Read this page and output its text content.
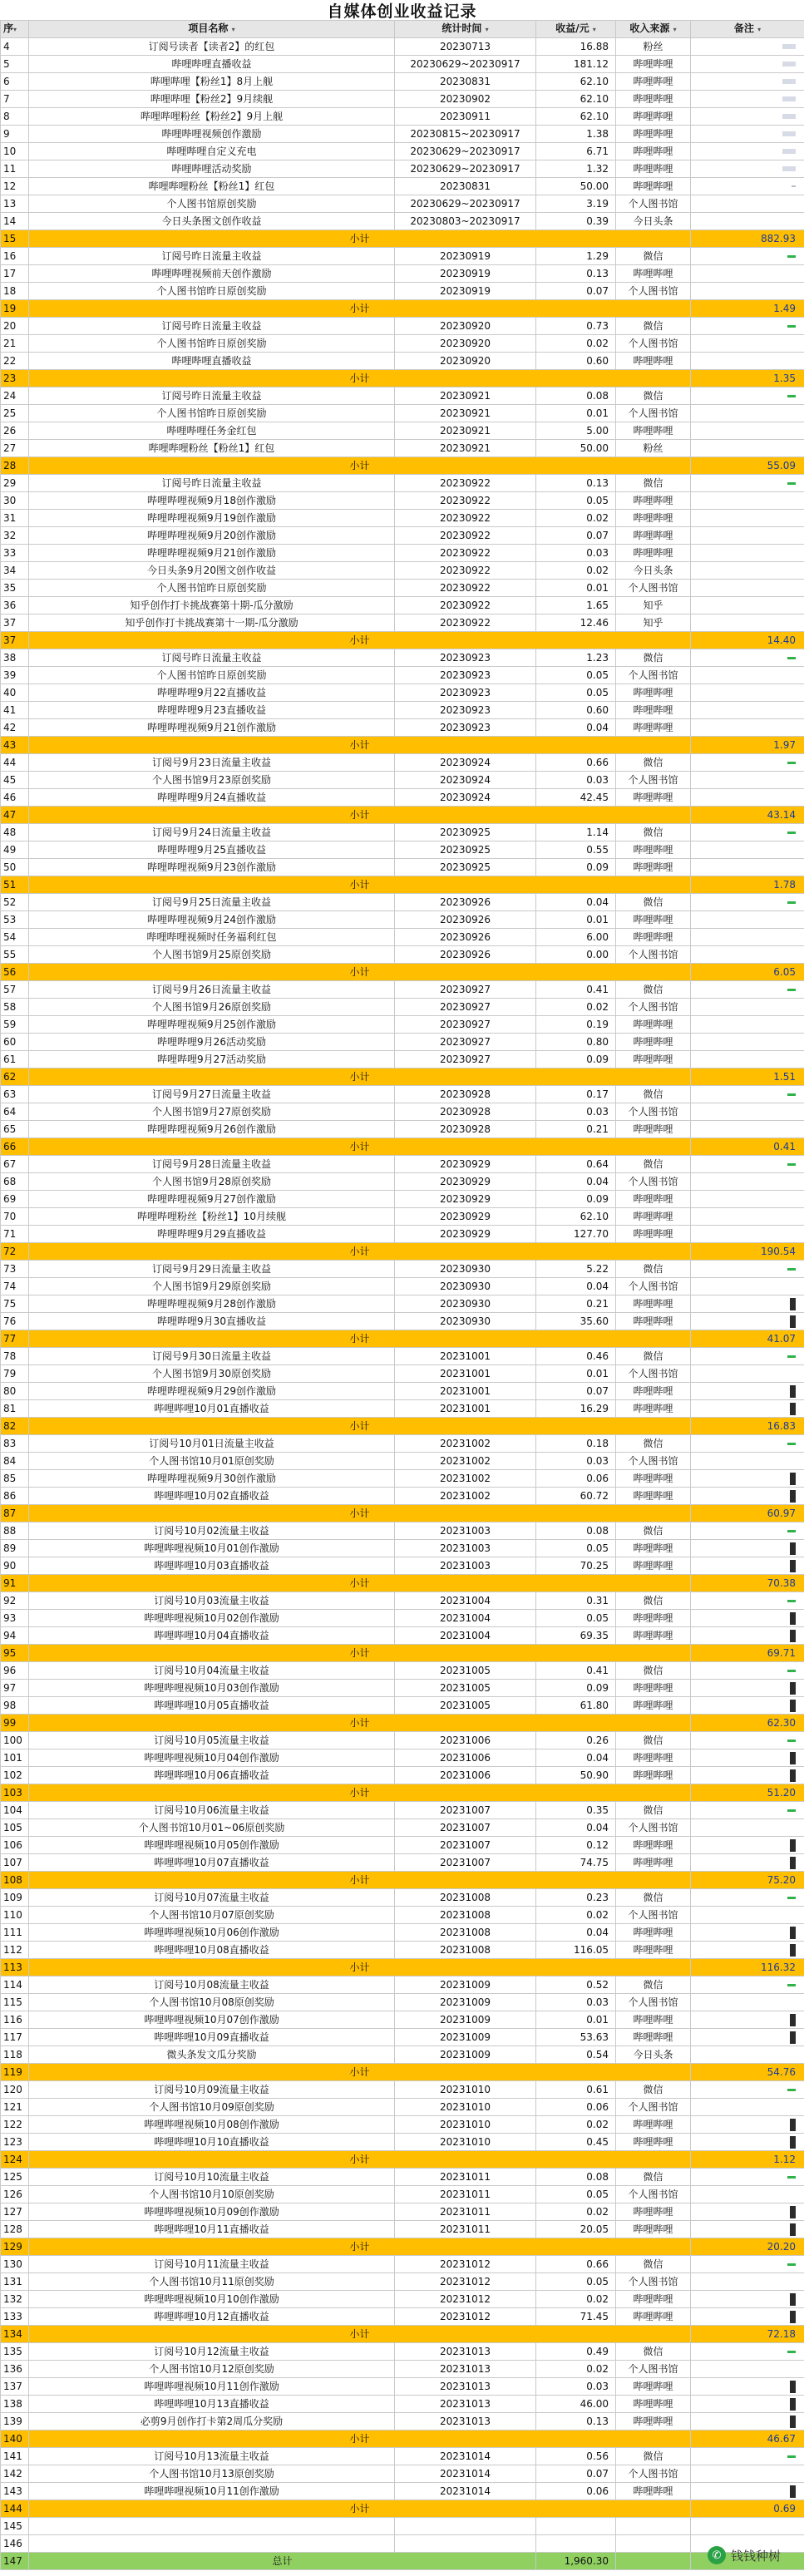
自媒体创业收益记录
序▾	项目名称 ▾	统计时间 ▾	收益/元 ▾	收入来源 ▾	备注 ▾
4	订阅号读者【读者2】的红包	20230713	16.88	粉丝	
5	哔哩哔哩直播收益	20230629~20230917	181.12	哔哩哔哩	
6	哔哩哔哩【粉丝1】8月上舰	20230831	62.10	哔哩哔哩	
7	哔哩哔哩【粉丝2】9月续舰	20230902	62.10	哔哩哔哩	
8	哔哩哔哩粉丝【粉丝2】9月上舰	20230911	62.10	哔哩哔哩	
9	哔哩哔哩视频创作激励	20230815~20230917	1.38	哔哩哔哩	
10	哔哩哔哩自定义充电	20230629~20230917	6.71	哔哩哔哩	
11	哔哩哔哩活动奖励	20230629~20230917	1.32	哔哩哔哩	
12	哔哩哔哩粉丝【粉丝1】红包	20230831	50.00	哔哩哔哩	
13	个人图书馆原创奖励	20230629~20230917	3.19	个人图书馆	
14	今日头条图文创作收益	20230803~20230917	0.39	今日头条	
15	小计				882.93
16	订阅号昨日流量主收益	20230919	1.29	微信	
17	哔哩哔哩视频前天创作激励	20230919	0.13	哔哩哔哩	
18	个人图书馆昨日原创奖励	20230919	0.07	个人图书馆	
19	小计				1.49
20	订阅号昨日流量主收益	20230920	0.73	微信	
21	个人图书馆昨日原创奖励	20230920	0.02	个人图书馆	
22	哔哩哔哩直播收益	20230920	0.60	哔哩哔哩	
23	小计				1.35
24	订阅号昨日流量主收益	20230921	0.08	微信	
25	个人图书馆昨日原创奖励	20230921	0.01	个人图书馆	
26	哔哩哔哩任务金红包	20230921	5.00	哔哩哔哩	
27	哔哩哔哩粉丝【粉丝1】红包	20230921	50.00	粉丝	
28	小计				55.09
29	订阅号昨日流量主收益	20230922	0.13	微信	
30	哔哩哔哩视频9月18创作激励	20230922	0.05	哔哩哔哩	
31	哔哩哔哩视频9月19创作激励	20230922	0.02	哔哩哔哩	
32	哔哩哔哩视频9月20创作激励	20230922	0.07	哔哩哔哩	
33	哔哩哔哩视频9月21创作激励	20230922	0.03	哔哩哔哩	
34	今日头条9月20图文创作收益	20230922	0.02	今日头条	
35	个人图书馆昨日原创奖励	20230922	0.01	个人图书馆	
36	知乎创作打卡挑战赛第十期-瓜分激励	20230922	1.65	知乎	
37	知乎创作打卡挑战赛第十一期-瓜分激励	20230922	12.46	知乎	
37	小计				14.40
38	订阅号昨日流量主收益	20230923	1.23	微信	
39	个人图书馆昨日原创奖励	20230923	0.05	个人图书馆	
40	哔哩哔哩9月22直播收益	20230923	0.05	哔哩哔哩	
41	哔哩哔哩9月23直播收益	20230923	0.60	哔哩哔哩	
42	哔哩哔哩视频9月21创作激励	20230923	0.04	哔哩哔哩	
43	小计				1.97
44	订阅号9月23日流量主收益	20230924	0.66	微信	
45	个人图书馆9月23原创奖励	20230924	0.03	个人图书馆	
46	哔哩哔哩9月24直播收益	20230924	42.45	哔哩哔哩	
47	小计				43.14
48	订阅号9月24日流量主收益	20230925	1.14	微信	
49	哔哩哔哩9月25直播收益	20230925	0.55	哔哩哔哩	
50	哔哩哔哩视频9月23创作激励	20230925	0.09	哔哩哔哩	
51	小计				1.78
52	订阅号9月25日流量主收益	20230926	0.04	微信	
53	哔哩哔哩视频9月24创作激励	20230926	0.01	哔哩哔哩	
54	哔哩哔哩视频时任务福利红包	20230926	6.00	哔哩哔哩	
55	个人图书馆9月25原创奖励	20230926	0.00	个人图书馆	
56	小计				6.05
57	订阅号9月26日流量主收益	20230927	0.41	微信	
58	个人图书馆9月26原创奖励	20230927	0.02	个人图书馆	
59	哔哩哔哩视频9月25创作激励	20230927	0.19	哔哩哔哩	
60	哔哩哔哩9月26活动奖励	20230927	0.80	哔哩哔哩	
61	哔哩哔哩9月27活动奖励	20230927	0.09	哔哩哔哩	
62	小计				1.51
63	订阅号9月27日流量主收益	20230928	0.17	微信	
64	个人图书馆9月27原创奖励	20230928	0.03	个人图书馆	
65	哔哩哔哩视频9月26创作激励	20230928	0.21	哔哩哔哩	
66	小计				0.41
67	订阅号9月28日流量主收益	20230929	0.64	微信	
68	个人图书馆9月28原创奖励	20230929	0.04	个人图书馆	
69	哔哩哔哩视频9月27创作激励	20230929	0.09	哔哩哔哩	
70	哔哩哔哩粉丝【粉丝1】10月续舰	20230929	62.10	哔哩哔哩	
71	哔哩哔哩9月29直播收益	20230929	127.70	哔哩哔哩	
72	小计				190.54
73	订阅号9月29日流量主收益	20230930	5.22	微信	
74	个人图书馆9月29原创奖励	20230930	0.04	个人图书馆	
75	哔哩哔哩视频9月28创作激励	20230930	0.21	哔哩哔哩	
76	哔哩哔哩9月30直播收益	20230930	35.60	哔哩哔哩	
77	小计				41.07
78	订阅号9月30日流量主收益	20231001	0.46	微信	
79	个人图书馆9月30原创奖励	20231001	0.01	个人图书馆	
80	哔哩哔哩视频9月29创作激励	20231001	0.07	哔哩哔哩	
81	哔哩哔哩10月01直播收益	20231001	16.29	哔哩哔哩	
82	小计				16.83
83	订阅号10月01日流量主收益	20231002	0.18	微信	
84	个人图书馆10月01原创奖励	20231002	0.03	个人图书馆	
85	哔哩哔哩视频9月30创作激励	20231002	0.06	哔哩哔哩	
86	哔哩哔哩10月02直播收益	20231002	60.72	哔哩哔哩	
87	小计				60.97
88	订阅号10月02流量主收益	20231003	0.08	微信	
89	哔哩哔哩视频10月01创作激励	20231003	0.05	哔哩哔哩	
90	哔哩哔哩10月03直播收益	20231003	70.25	哔哩哔哩	
91	小计				70.38
92	订阅号10月03流量主收益	20231004	0.31	微信	
93	哔哩哔哩视频10月02创作激励	20231004	0.05	哔哩哔哩	
94	哔哩哔哩10月04直播收益	20231004	69.35	哔哩哔哩	
95	小计				69.71
96	订阅号10月04流量主收益	20231005	0.41	微信	
97	哔哩哔哩视频10月03创作激励	20231005	0.09	哔哩哔哩	
98	哔哩哔哩10月05直播收益	20231005	61.80	哔哩哔哩	
99	小计				62.30
100	订阅号10月05流量主收益	20231006	0.26	微信	
101	哔哩哔哩视频10月04创作激励	20231006	0.04	哔哩哔哩	
102	哔哩哔哩10月06直播收益	20231006	50.90	哔哩哔哩	
103	小计				51.20
104	订阅号10月06流量主收益	20231007	0.35	微信	
105	个人图书馆10月01~06原创奖励	20231007	0.04	个人图书馆	
106	哔哩哔哩视频10月05创作激励	20231007	0.12	哔哩哔哩	
107	哔哩哔哩10月07直播收益	20231007	74.75	哔哩哔哩	
108	小计				75.20
109	订阅号10月07流量主收益	20231008	0.23	微信	
110	个人图书馆10月07原创奖励	20231008	0.02	个人图书馆	
111	哔哩哔哩视频10月06创作激励	20231008	0.04	哔哩哔哩	
112	哔哩哔哩10月08直播收益	20231008	116.05	哔哩哔哩	
113	小计				116.32
114	订阅号10月08流量主收益	20231009	0.52	微信	
115	个人图书馆10月08原创奖励	20231009	0.03	个人图书馆	
116	哔哩哔哩视频10月07创作激励	20231009	0.01	哔哩哔哩	
117	哔哩哔哩10月09直播收益	20231009	53.63	哔哩哔哩	
118	微头条发文瓜分奖励	20231009	0.54	今日头条	
119	小计				54.76
120	订阅号10月09流量主收益	20231010	0.61	微信	
121	个人图书馆10月09原创奖励	20231010	0.06	个人图书馆	
122	哔哩哔哩视频10月08创作激励	20231010	0.02	哔哩哔哩	
123	哔哩哔哩10月10直播收益	20231010	0.45	哔哩哔哩	
124	小计				1.12
125	订阅号10月10流量主收益	20231011	0.08	微信	
126	个人图书馆10月10原创奖励	20231011	0.05	个人图书馆	
127	哔哩哔哩视频10月09创作激励	20231011	0.02	哔哩哔哩	
128	哔哩哔哩10月11直播收益	20231011	20.05	哔哩哔哩	
129	小计				20.20
130	订阅号10月11流量主收益	20231012	0.66	微信	
131	个人图书馆10月11原创奖励	20231012	0.05	个人图书馆	
132	哔哩哔哩视频10月10创作激励	20231012	0.02	哔哩哔哩	
133	哔哩哔哩10月12直播收益	20231012	71.45	哔哩哔哩	
134	小计				72.18
135	订阅号10月12流量主收益	20231013	0.49	微信	
136	个人图书馆10月12原创奖励	20231013	0.02	个人图书馆	
137	哔哩哔哩视频10月11创作激励	20231013	0.03	哔哩哔哩	
138	哔哩哔哩10月13直播收益	20231013	46.00	哔哩哔哩	
139	必剪9月创作打卡第2周瓜分奖励	20231013	0.13	哔哩哔哩	
140	小计				46.67
141	订阅号10月13流量主收益	20231014	0.56	微信	
142	个人图书馆10月13原创奖励	20231014	0.07	个人图书馆	
143	哔哩哔哩视频10月11创作激励	20231014	0.06	哔哩哔哩	
144	小计				0.69
145					
146					
147	总计		1,960.30			✆ 钱钱种树
